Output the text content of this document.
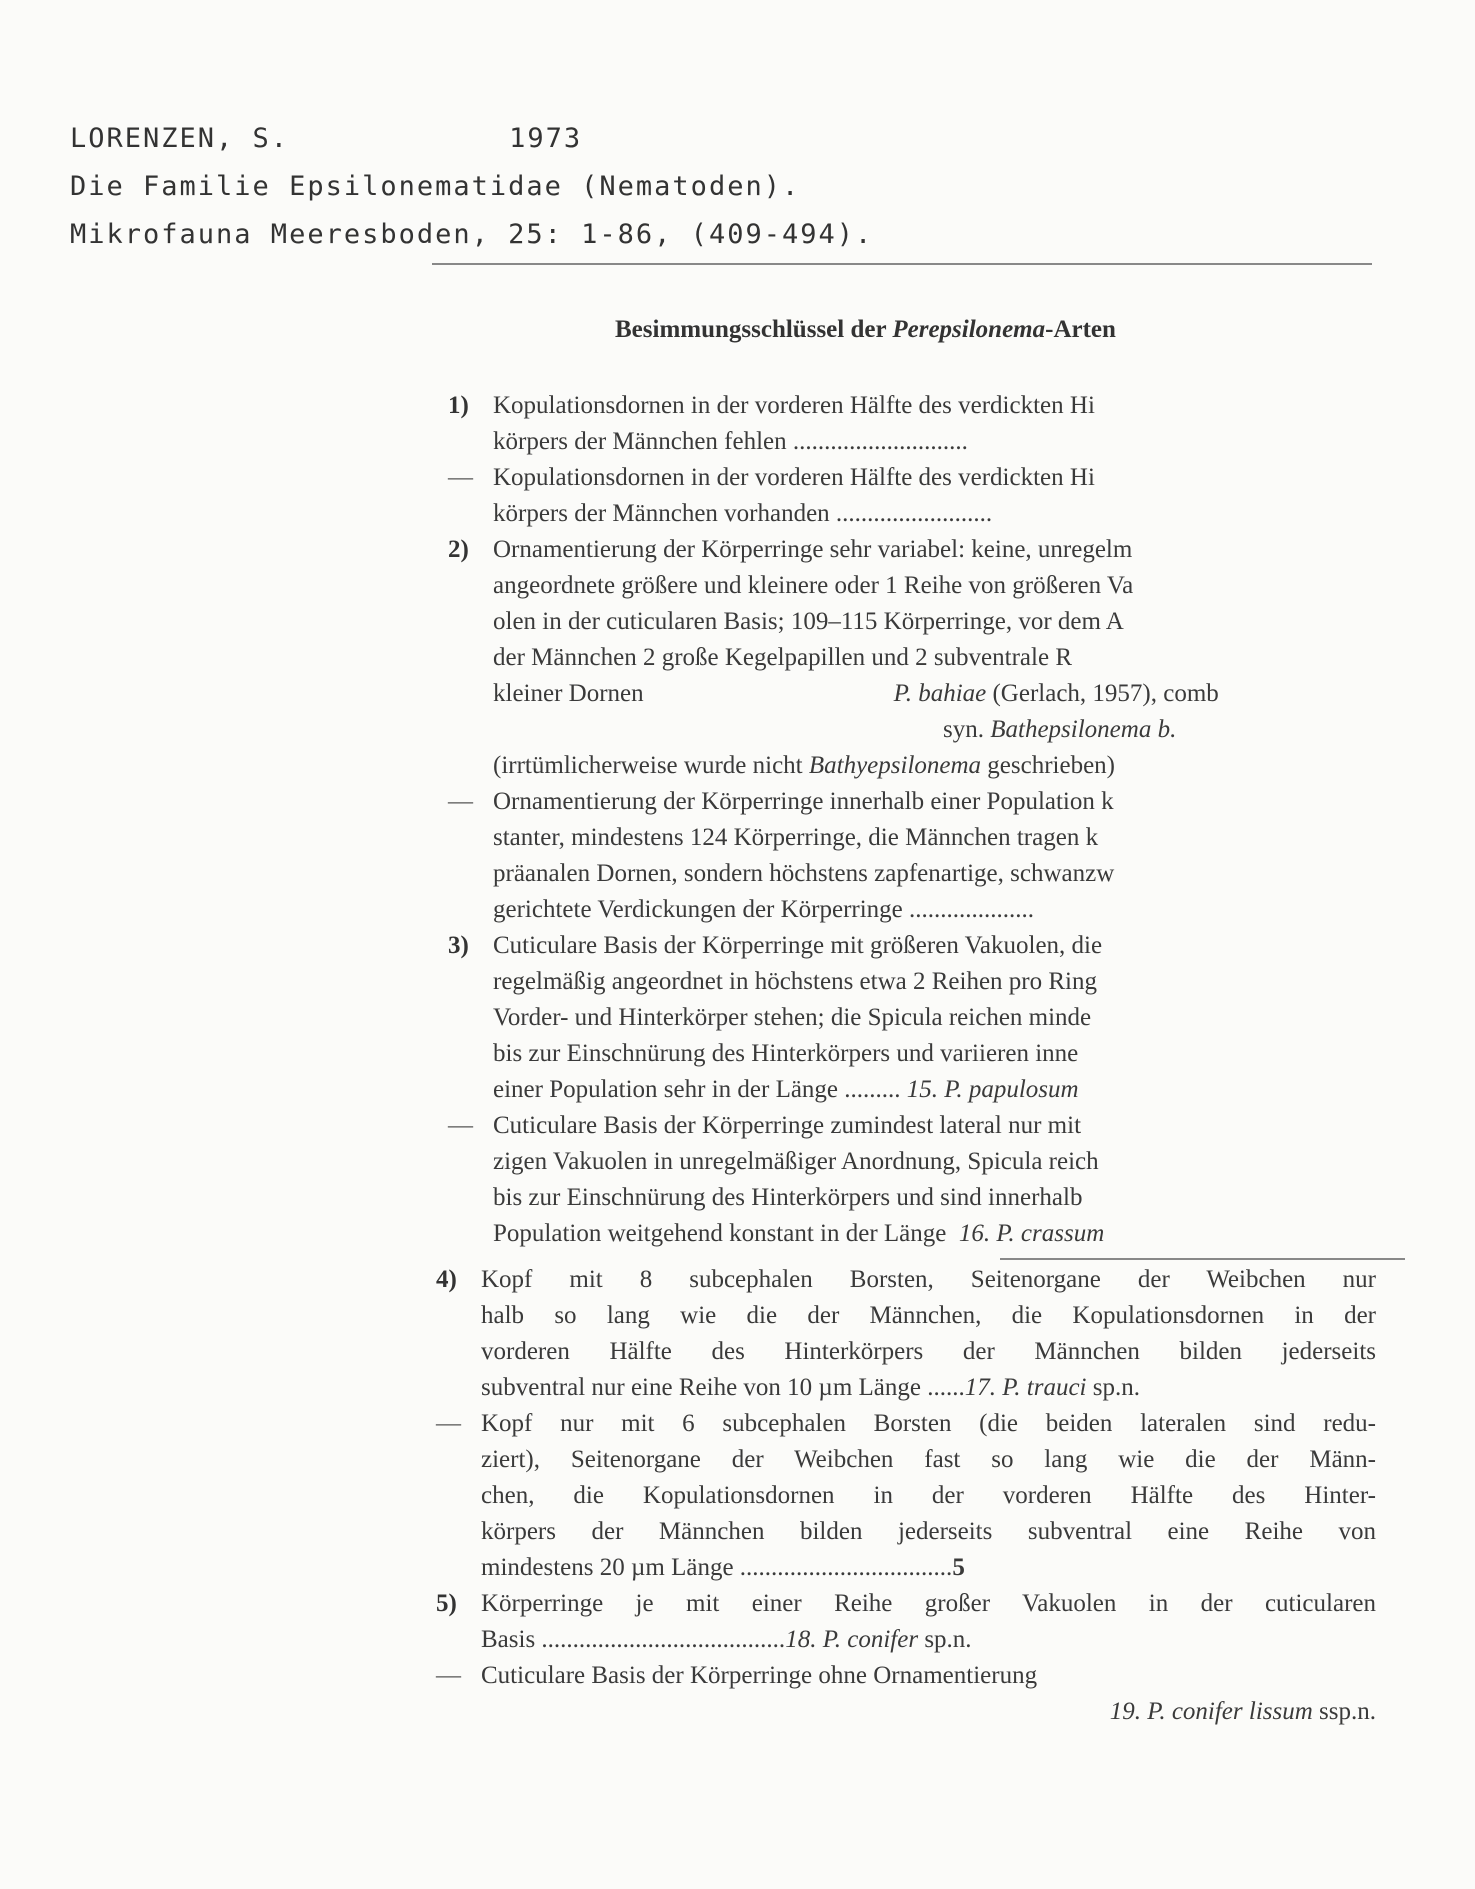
LORENZEN, S.	1973
Die Familie Epsilonematidae (Nematoden).
Mikrofauna Meeresboden, 25: 1-86, (409-494).
Besimmungsschlüssel der Perepsilonema-Arten
1) Kopulationsdornen in der vorderen Hälfte des verdickten Hi
körpers der Männchen fehlen ............................
— Kopulationsdornen in der vorderen Hälfte des verdickten Hi
körpers der Männchen vorhanden .........................
2) Ornamentierung der Körperringe sehr variabel: keine, unregelm
angeordnete größere und kleinere oder 1 Reihe von größeren Va
olen in der cuticularen Basis; 109–115 Körperringe, vor dem A
der Männchen 2 große Kegelpapillen und 2 subventrale R
kleiner Dornen	P. bahiae (Gerlach, 1957), comb
syn. Bathepsilonema b.
(irrtümlicherweise wurde nicht Bathyepsilonema geschrieben)
— Ornamentierung der Körperringe innerhalb einer Population k
stanter, mindestens 124 Körperringe, die Männchen tragen k
präanalen Dornen, sondern höchstens zapfenartige, schwanzw
gerichtete Verdickungen der Körperringe ....................
3) Cuticulare Basis der Körperringe mit größeren Vakuolen, die
regelmäßig angeordnet in höchstens etwa 2 Reihen pro Ring
Vorder- und Hinterkörper stehen; die Spicula reichen minde
bis zur Einschnürung des Hinterkörpers und variieren inne
einer Population sehr in der Länge ......... 15. P. papulosum
— Cuticulare Basis der Körperringe zumindest lateral nur mit
zigen Vakuolen in unregelmäßiger Anordnung, Spicula reich
bis zur Einschnürung des Hinterkörpers und sind innerhalb
Population weitgehend konstant in der Länge 16. P. crassum
4) Kopf mit 8 subcephalen Borsten, Seitenorgane der Weibchen nur
halb so lang wie die der Männchen, die Kopulationsdornen in der
vorderen Hälfte des Hinterkörpers der Männchen bilden jederseits
subventral nur eine Reihe von 10 µm Länge ......17. P. trauci sp.n.
— Kopf nur mit 6 subcephalen Borsten (die beiden lateralen sind redu-
ziert), Seitenorgane der Weibchen fast so lang wie die der Männ-
chen, die Kopulationsdornen in der vorderen Hälfte des Hinter-
körpers der Männchen bilden jederseits subventral eine Reihe von
mindestens 20 µm Länge ..................................5
5) Körperringe je mit einer Reihe großer Vakuolen in der cuticularen
Basis .......................................18. P. conifer sp.n.
— Cuticulare Basis der Körperringe ohne Ornamentierung
19. P. conifer lissum ssp.n.
